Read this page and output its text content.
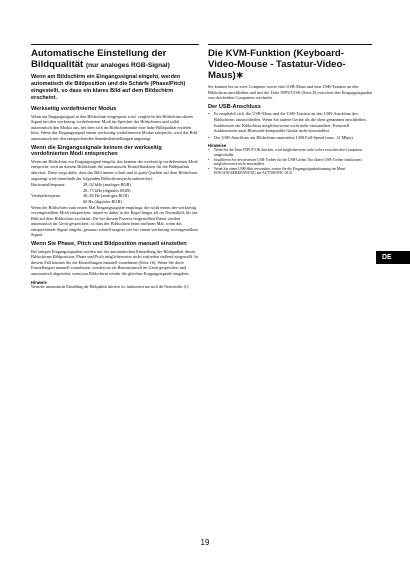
Automatische Einstellung der Bildqualität (nur analoges RGB-Signal)
Wenn am Bildschirm ein Eingangssignal eingeht, werden automatisch die Bildposition und die Schärfe (Phase/Pitch) eingestellt, so dass ein klares Bild auf dem Bildschirm erscheint.
Werkseitig vordefinierter Modus
Wenn ein Eingangssignal in den Bildschirm eingespeist wird, vergleicht der Bildschirm dieses Signal mit den werkseitig vordefinierten Modi im Speicher des Bildschirms und wählt automatisch den Modus aus, bei dem sich im Bildschirmmitte eine hohe Bildqualität erzielen lässt. Wenn das Eingangssignal einem werkseitig vordefinierten Modus entspricht, wird das Bild automatisch mit den entsprechenden Standardeinstellungen angezeigt.
Wenn die Eingangssignale keinem der werkseitig vordefinierten Modi entsprechen
Wenn am Bildschirm ein Eingangssignal eingeht, das keinem der werkseitig vordefinierten Modi entspricht, wird an diesem Bildschirm die automatische Einstellfunktion für die Bildqualität aktiviert. Diese sorgt dafür, dass das Bild immer scharf und in guter Qualität auf dem Bildschirm angezeigt wird (innerhalb der folgenden Bildschirmsynchronbereiche):
Horizontalfrequenz:	28–92 kHz (analoges RGB)
28–75 kHz (digitales RGB)
Vertikalfrequenz:	48–85 Hz (analoges RGB)
60 Hz (digitales RGB)
Wenn der Bildschirm zum ersten Mal Eingangssignale empfängt, die nicht einem der werkseitig voreingestellten Modi entsprechen, dauert es daher in der Regel länger als im Normalfall, bis ein Bild auf dem Bildschirm erscheint. Die bei diesem Prozess eingestellten Daten werden automatisch im Gerät gespeichert, so dass der Bildschirm beim nächsten Mal, wenn das entsprechende Signal eingeht, genauso schnell reagiert wie bei einem werkseitig voreingestellten Signal.
Wenn Sie Phase, Pitch und Bildposition manuell einstellen
Bei einigen Eingangssignalen werden mit der automatischen Einstellung der Bildqualität dieses Bildschirms Bildposition, Phase und Pitch möglicherweise nicht zufrieden stellend eingestellt. In diesem Fall können Sie die Einstellungen manuell vornehmen (Seite 16). Wenn Sie diese Einstellungen manuell vornehmen, werden sie als Benutzermodi im Gerät gespeichert und automatisch abgerufen, wenn am Bildschirm wieder die gleichen Eingangssignale eingehen.
Hinweis
Wenn die automatische Einstellung der Bildqualität aktiviert ist, funktioniert nur noch der Netzschalter (1).
Die KVM-Funktion (Keyboard-Video-Mouse - Tastatur-Video-Maus)∗
Sie können bis zu zwei Computer sowie eine USB-Maus und eine USB-Tastatur an den Bildschirm anschließen und mit der Taste INPUT/OK (Seite 8) zwischen den Eingangssignalen von den beiden Computern wechseln.
Der USB-Anschluss
• Es empfiehlt sich, die USB-Maus und die USB-Tastatur an den USB-Anschluss des Bildschirms anzuschließen. Wenn Sie andere Geräte als die oben genannten anschließen, funktioniert der Bildschirm möglicherweise nicht mehr einwandfrei. Eventuell funktionieren auch Bluetooth-kompatible Geräte nicht einwandfrei.
• Der USB-Anschluss am Bildschirm unterstützt USB Full-Speed (max. 12 Mbps).
Hinweise
• Wenn Sie die Taste INPUT/OK drücken, wird möglicherweise nicht sofort zwischen den Computern umgeschaltet.
• Installieren Sie den neuesten USB-Treiber für die USB-Geräte. Ein älterer USB-Treiber funktioniert möglicherweise nicht einwandfrei.
• Wenn Sie einen USB-Hub verwenden, setzen Sie die Eingangssignalerkennung im Menü EINGANGSERKENNUNG auf AUTOMATIC AUS.
DE
19
